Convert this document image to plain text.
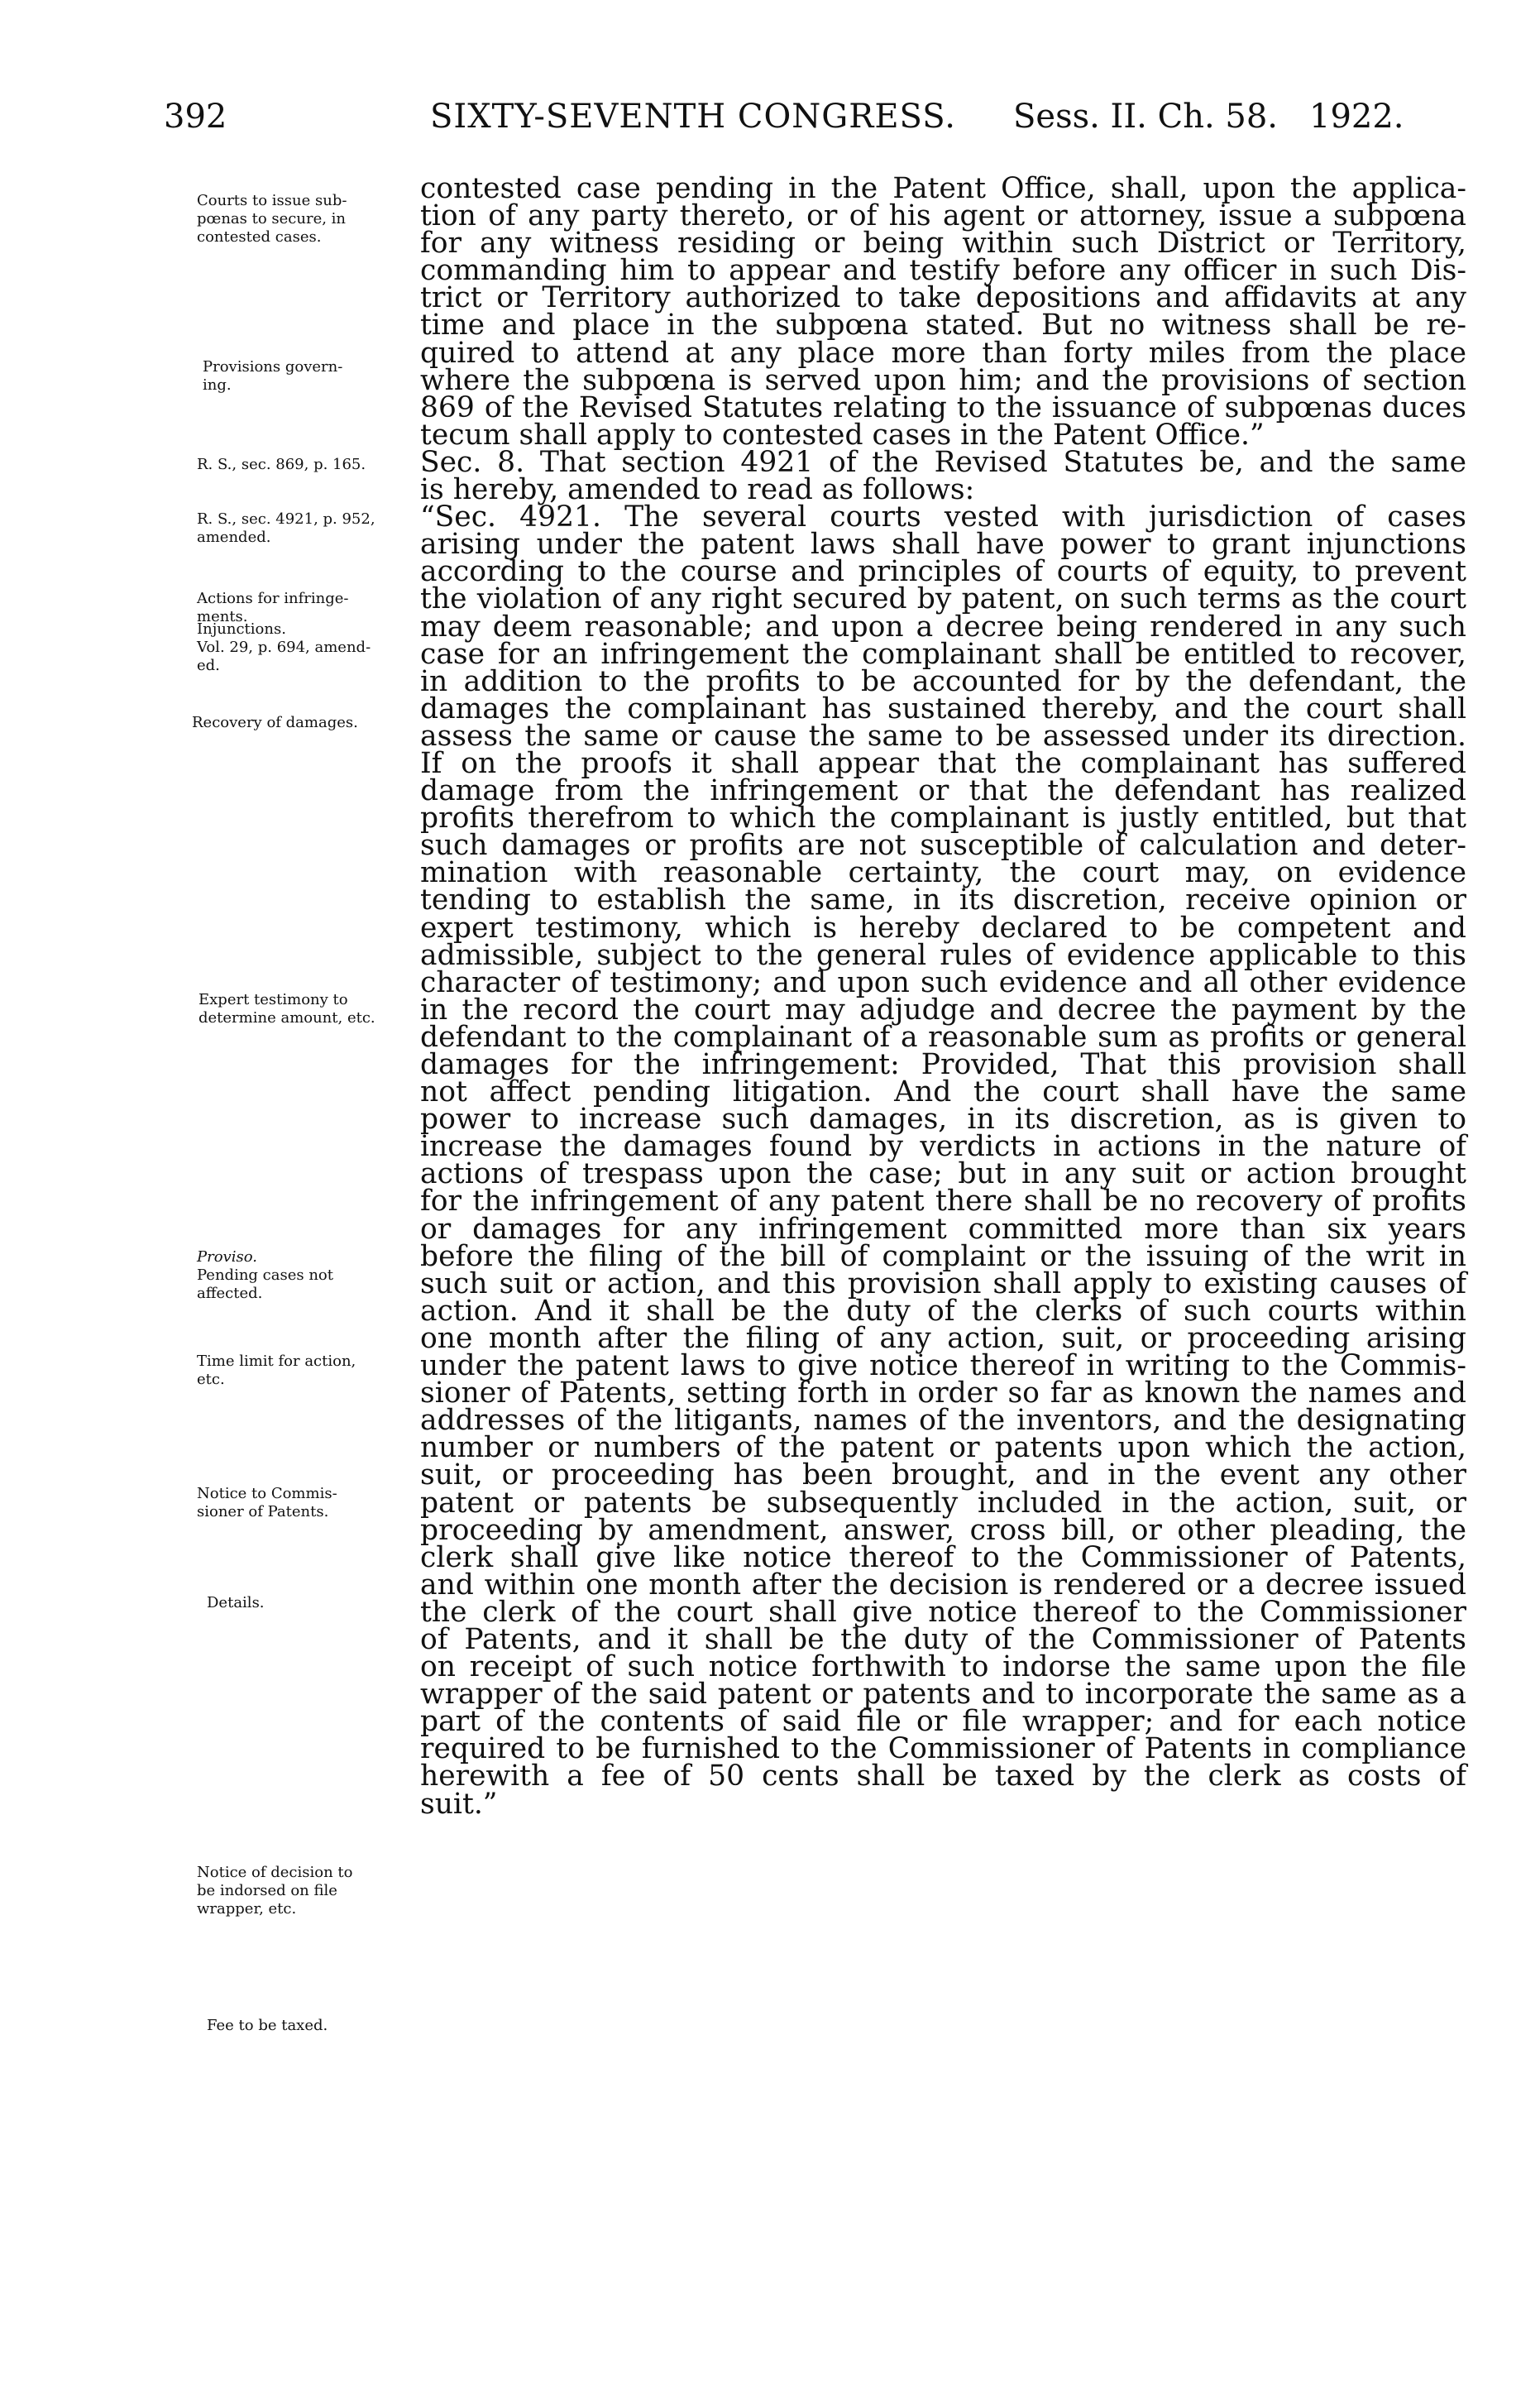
392	SIXTY-SEVENTH CONGRESS. Sess. II. Ch. 58. 1922.
Courts to issue sub-
pœnas to secure, in
contested cases.
Provisions govern-
ing.
R. S., sec. 869, p. 165.
R. S., sec. 4921, p. 952,
amended.
Actions for infringe-
ments.
Injunctions.
Vol. 29, p. 694, amend-
ed.
Recovery of damages.
Expert testimony to
determine amount, etc.
Proviso.
Pending cases not
affected.
Time limit for action,
etc.
Notice to Commis-
sioner of Patents.
Details.
Notice of decision to
be indorsed on file
wrapper, etc.
Fee to be taxed.
contested case pending in the Patent Office, shall, upon the applica-
tion of any party thereto, or of his agent or attorney, issue a subpœna
for any witness residing or being within such District or Territory,
commanding him to appear and testify before any officer in such Dis-
trict or Territory authorized to take depositions and affidavits at any
time and place in the subpœna stated. But no witness shall be re-
quired to attend at any place more than forty miles from the place
where the subpœna is served upon him; and the provisions of section
869 of the Revised Statutes relating to the issuance of subpœnas duces
tecum shall apply to contested cases in the Patent Office.”
Sec. 8. That section 4921 of the Revised Statutes be, and the same
is hereby, amended to read as follows:
“Sec. 4921. The several courts vested with jurisdiction of cases
arising under the patent laws shall have power to grant injunctions
according to the course and principles of courts of equity, to prevent
the violation of any right secured by patent, on such terms as the court
may deem reasonable; and upon a decree being rendered in any such
case for an infringement the complainant shall be entitled to recover,
in addition to the profits to be accounted for by the defendant, the
damages the complainant has sustained thereby, and the court shall
assess the same or cause the same to be assessed under its direction.
If on the proofs it shall appear that the complainant has suffered
damage from the infringement or that the defendant has realized
profits therefrom to which the complainant is justly entitled, but that
such damages or profits are not susceptible of calculation and deter-
mination with reasonable certainty, the court may, on evidence
tending to establish the same, in its discretion, receive opinion or
expert testimony, which is hereby declared to be competent and
admissible, subject to the general rules of evidence applicable to this
character of testimony; and upon such evidence and all other evidence
in the record the court may adjudge and decree the payment by the
defendant to the complainant of a reasonable sum as profits or general
damages for the infringement: Provided, That this provision shall
not affect pending litigation. And the court shall have the same
power to increase such damages, in its discretion, as is given to
increase the damages found by verdicts in actions in the nature of
actions of trespass upon the case; but in any suit or action brought
for the infringement of any patent there shall be no recovery of profits
or damages for any infringement committed more than six years
before the filing of the bill of complaint or the issuing of the writ in
such suit or action, and this provision shall apply to existing causes of
action. And it shall be the duty of the clerks of such courts within
one month after the filing of any action, suit, or proceeding arising
under the patent laws to give notice thereof in writing to the Commis-
sioner of Patents, setting forth in order so far as known the names and
addresses of the litigants, names of the inventors, and the designating
number or numbers of the patent or patents upon which the action,
suit, or proceeding has been brought, and in the event any other
patent or patents be subsequently included in the action, suit, or
proceeding by amendment, answer, cross bill, or other pleading, the
clerk shall give like notice thereof to the Commissioner of Patents,
and within one month after the decision is rendered or a decree issued
the clerk of the court shall give notice thereof to the Commissioner
of Patents, and it shall be the duty of the Commissioner of Patents
on receipt of such notice forthwith to indorse the same upon the file
wrapper of the said patent or patents and to incorporate the same as a
part of the contents of said file or file wrapper; and for each notice
required to be furnished to the Commissioner of Patents in compliance
herewith a fee of 50 cents shall be taxed by the clerk as costs of
suit.”
